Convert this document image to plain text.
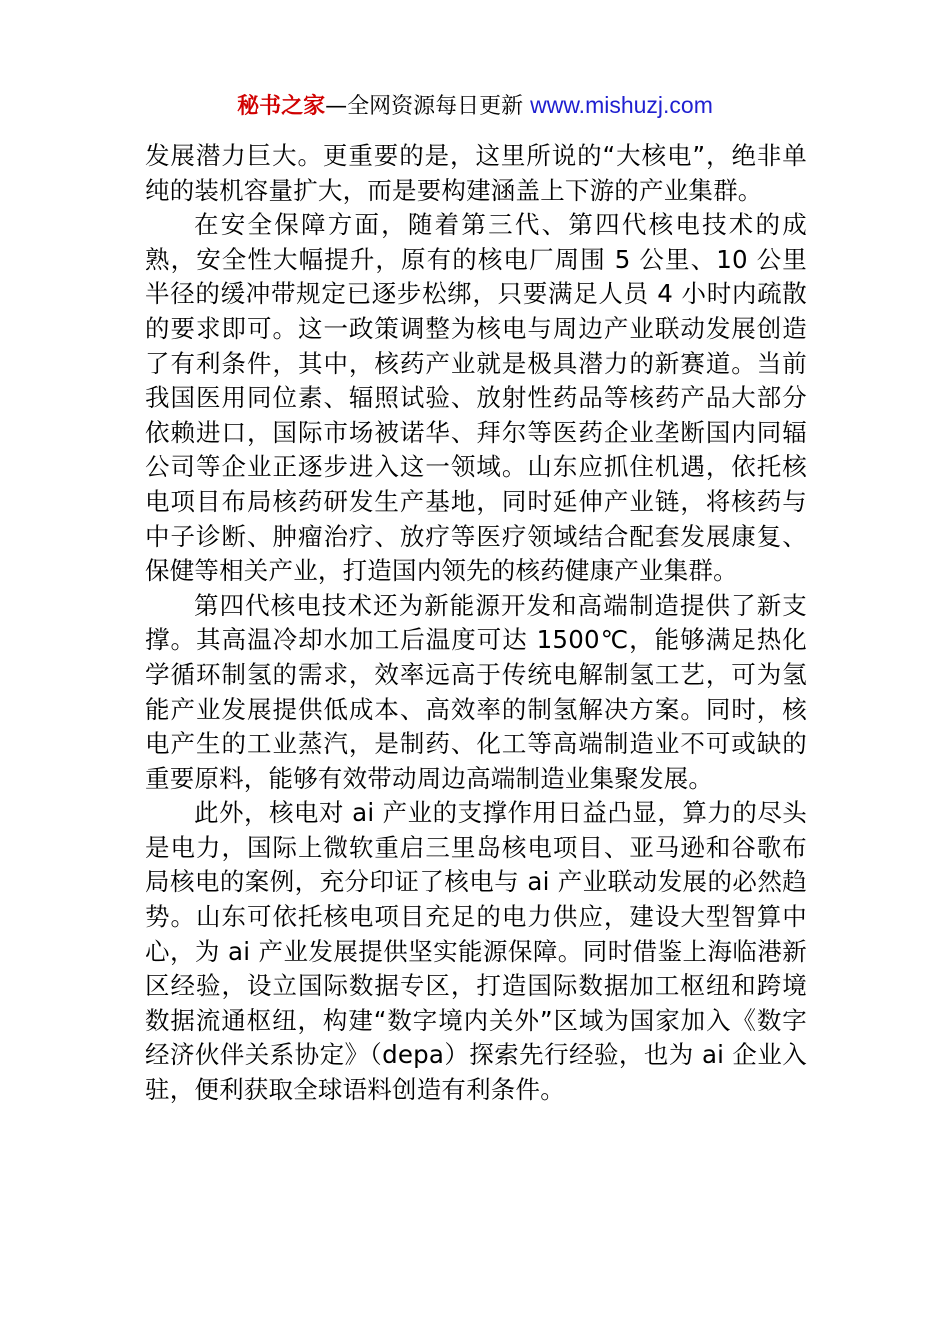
秘书之家—全网资源每日更新 www.mishuzj.com

发展潜力巨大。更重要的是，这里所说的“大核电”，绝非单纯的装机容量扩大，而是要构建涵盖上下游的产业集群。

在安全保障方面，随着第三代、第四代核电技术的成熟，安全性大幅提升，原有的核电厂周围 5 公里、10 公里半径的缓冲带规定已逐步松绑，只要满足人员 4 小时内疏散的要求即可。这一政策调整为核电与周边产业联动发展创造了有利条件，其中，核药产业就是极具潜力的新赛道。当前我国医用同位素、辐照试验、放射性药品等核药产品大部分依赖进口，国际市场被诺华、拜尔等医药企业垄断国内同辐公司等企业正逐步进入这一领域。山东应抓住机遇，依托核电项目布局核药研发生产基地，同时延伸产业链，将核药与中子诊断、肿瘤治疗、放疗等医疗领域结合配套发展康复、保健等相关产业，打造国内领先的核药健康产业集群。

第四代核电技术还为新能源开发和高端制造提供了新支撑。其高温冷却水加工后温度可达 1500℃，能够满足热化学循环制氢的需求，效率远高于传统电解制氢工艺，可为氢能产业发展提供低成本、高效率的制氢解决方案。同时，核电产生的工业蒸汽，是制药、化工等高端制造业不可或缺的重要原料，能够有效带动周边高端制造业集聚发展。

此外，核电对 ai 产业的支撑作用日益凸显，算力的尽头是电力，国际上微软重启三里岛核电项目、亚马逊和谷歌布局核电的案例，充分印证了核电与 ai 产业联动发展的必然趋势。山东可依托核电项目充足的电力供应，建设大型智算中心，为 ai 产业发展提供坚实能源保障。同时借鉴上海临港新区经验，设立国际数据专区，打造国际数据加工枢纽和跨境数据流通枢纽，构建“数字境内关外”区域为国家加入《数字经济伙伴关系协定》（depa）探索先行经验，也为 ai 企业入驻，便利获取全球语料创造有利条件。
